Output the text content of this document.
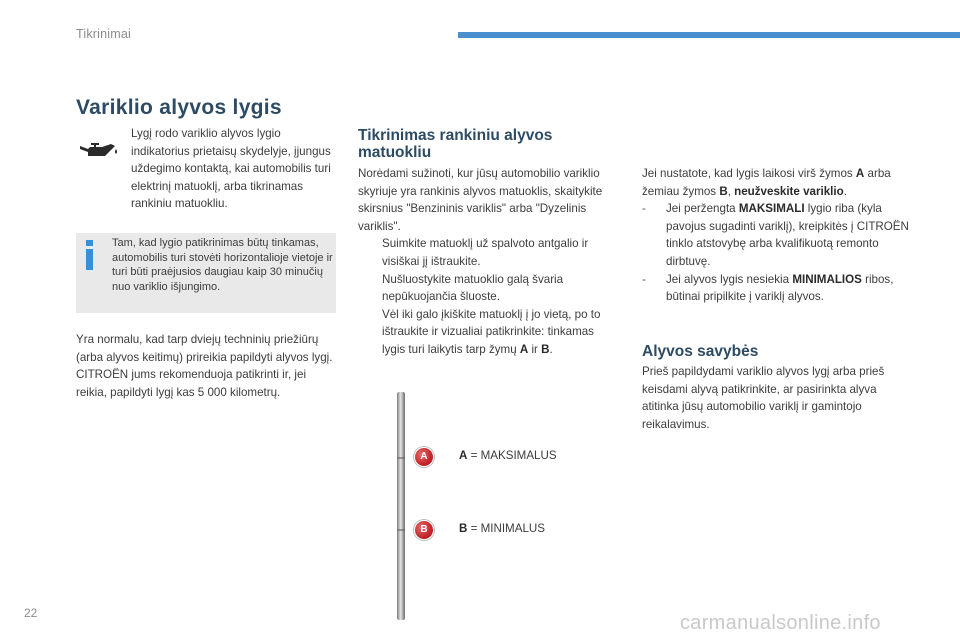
Tikrinimai
Variklio alyvos lygis
Lygį rodo variklio alyvos lygio indikatorius prietaisų skydelyje, įjungus uždegimo kontaktą, kai automobilis turi elektrinį matuoklį, arba tikrinamas rankiniu matuokliu.
Tam, kad lygio patikrinimas būtų tinkamas, automobilis turi stovėti horizontalioje vietoje ir turi būti praėjusios daugiau kaip 30 minučių nuo variklio išjungimo.
Yra normalu, kad tarp dviejų techninių priežiūrų (arba alyvos keitimų) prireikia papildyti alyvos lygį. CITROËN jums rekomenduoja patikrinti ir, jei reikia, papildyti lygį kas 5 000 kilometrų.
Tikrinimas rankiniu alyvos matuokliu
Norėdami sužinoti, kur jūsų automobilio variklio skyriuje yra rankinis alyvos matuoklis, skaitykite skirsnius "Benzininis variklis" arba "Dyzelinis variklis".
Suimkite matuoklį už spalvoto antgalio ir visiškai jį ištraukite.
Nušluostykite matuoklio galą švaria nepūkuojančia šluoste.
Vėl iki galo įkiškite matuoklį į jo vietą, po to ištraukite ir vizualiai patikrinkite: tinkamas lygis turi laikytis tarp žymų A ir B.
A
B
A = MAKSIMALUS
B = MINIMALUS
Jei nustatote, kad lygis laikosi virš žymos A arba žemiau žymos B, neužveskite variklio.
-	Jei peržengta MAKSIMALI lygio riba (kyla pavojus sugadinti variklį), kreipkitės į CITROËN tinklo atstovybę arba kvalifikuotą remonto dirbtuvę.
-	Jei alyvos lygis nesiekia MINIMALIOS ribos, būtinai pripilkite į variklį alyvos.
Alyvos savybės
Prieš papildydami variklio alyvos lygį arba prieš keisdami alyvą patikrinkite, ar pasirinkta alyva atitinka jūsų automobilio variklį ir gamintojo reikalavimus.
22	carmanualsonline.info
